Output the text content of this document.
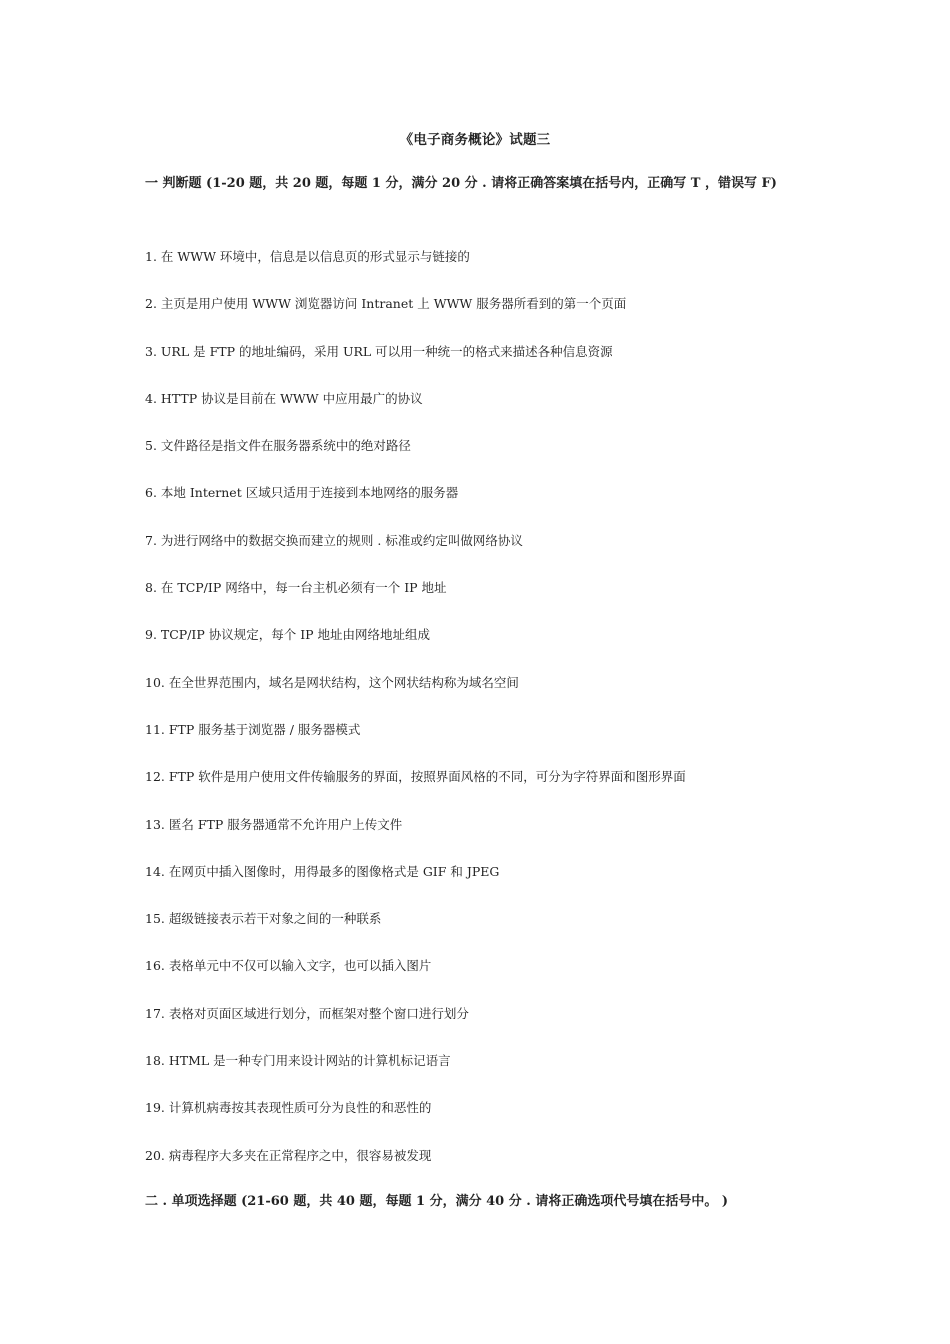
《电子商务概论》试题三
一 判断题 (1-20 题，共 20 题，每题 1 分，满分 20 分 . 请将正确答案填在括号内，正确写 T ，错误写 F)
1. 在 WWW 环境中，信息是以信息页的形式显示与链接的
2. 主页是用户使用 WWW 浏览器访问 Intranet 上 WWW 服务器所看到的第一个页面
3. URL 是 FTP 的地址编码，采用 URL 可以用一种统一的格式来描述各种信息资源
4. HTTP 协议是目前在 WWW 中应用最广的协议
5. 文件路径是指文件在服务器系统中的绝对路径
6. 本地 Internet 区域只适用于连接到本地网络的服务器
7. 为进行网络中的数据交换而建立的规则 . 标准或约定叫做网络协议
8. 在 TCP/IP 网络中，每一台主机必须有一个 IP 地址
9. TCP/IP 协议规定，每个 IP 地址由网络地址组成
10. 在全世界范围内，域名是网状结构，这个网状结构称为域名空间
11. FTP 服务基于浏览器 / 服务器模式
12. FTP 软件是用户使用文件传输服务的界面，按照界面风格的不同，可分为字符界面和图形界面
13. 匿名 FTP 服务器通常不允许用户上传文件
14. 在网页中插入图像时，用得最多的图像格式是 GIF 和 JPEG
15. 超级链接表示若干对象之间的一种联系
16. 表格单元中不仅可以输入文字，也可以插入图片
17. 表格对页面区域进行划分，而框架对整个窗口进行划分
18. HTML 是一种专门用来设计网站的计算机标记语言
19. 计算机病毒按其表现性质可分为良性的和恶性的
20. 病毒程序大多夹在正常程序之中，很容易被发现
二 . 单项选择题 (21-60 题，共 40 题，每题 1 分，满分 40 分 . 请将正确选项代号填在括号中。 )
